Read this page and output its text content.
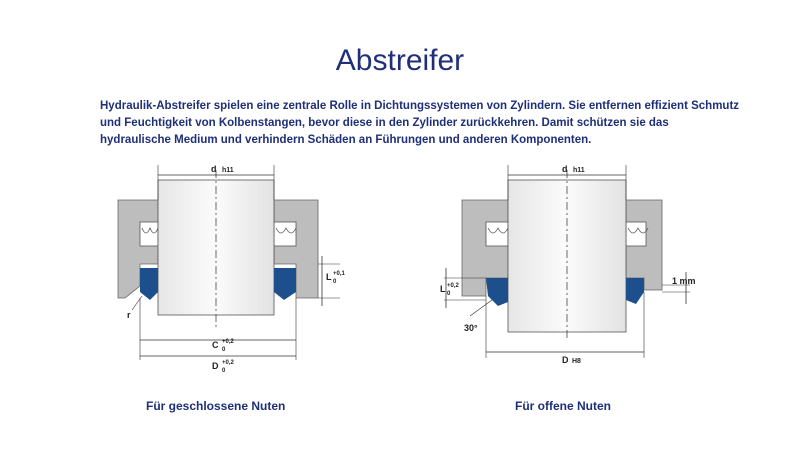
Abstreifer
Hydraulik-Abstreifer spielen eine zentrale Rolle in Dichtungssystemen von Zylindern. Sie entfernen effizient Schmutz und Feuchtigkeit von Kolbenstangen, bevor diese in den Zylinder zurückkehren. Damit schützen sie das hydraulische Medium und verhindern Schäden an Führungen und anderen Komponenten.
d h11
C +0,2
0
D +0,2
0
L +0,1
0
r
d h11
D H8
L +0,2
0
1 mm
30°
Für geschlossene Nuten	Für offene Nuten
